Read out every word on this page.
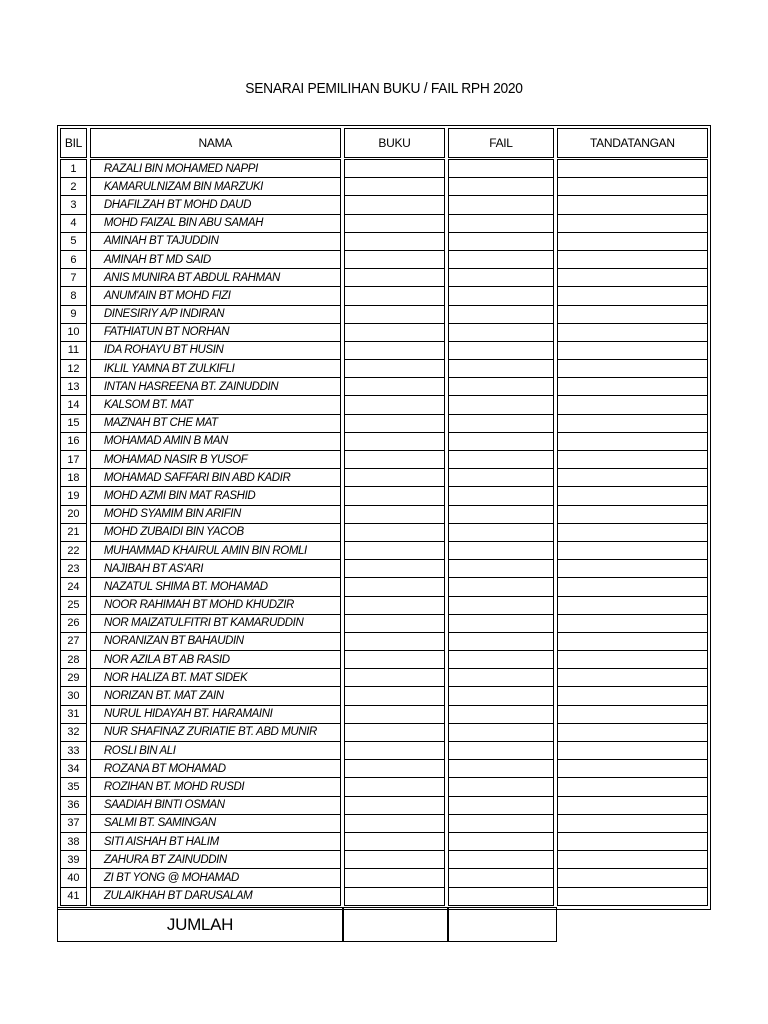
SENARAI PEMILIHAN BUKU / FAIL RPH 2020
BIL	NAMA	BUKU	FAIL	TANDATANGAN
1	RAZALI BIN MOHAMED NAPPI
2	KAMARULNIZAM BIN MARZUKI
3	DHAFILZAH BT MOHD DAUD
4	MOHD FAIZAL BIN ABU SAMAH
5	AMINAH BT TAJUDDIN
6	AMINAH BT MD SAID
7	ANIS MUNIRA BT ABDUL RAHMAN
8	ANUM'AIN BT MOHD FIZI
9	DINESIRIY A/P INDIRAN
10	FATHIATUN BT NORHAN
11	IDA ROHAYU BT HUSIN
12	IKLIL YAMNA BT ZULKIFLI
13	INTAN HASREENA BT. ZAINUDDIN
14	KALSOM BT. MAT
15	MAZNAH BT CHE MAT
16	MOHAMAD AMIN B MAN
17	MOHAMAD NASIR B YUSOF
18	MOHAMAD SAFFARI BIN ABD KADIR
19	MOHD AZMI BIN MAT RASHID
20	MOHD SYAMIM BIN ARIFIN
21	MOHD ZUBAIDI BIN YACOB
22	MUHAMMAD KHAIRUL AMIN BIN ROMLI
23	NAJIBAH BT AS'ARI
24	NAZATUL SHIMA BT. MOHAMAD
25	NOOR RAHIMAH BT MOHD KHUDZIR
26	NOR MAIZATULFITRI BT KAMARUDDIN
27	NORANIZAN BT BAHAUDIN
28	NOR AZILA BT AB RASID
29	NOR HALIZA BT. MAT SIDEK
30	NORIZAN BT. MAT ZAIN
31	NURUL HIDAYAH BT. HARAMAINI
32	NUR SHAFINAZ ZURIATIE BT. ABD MUNIR
33	ROSLI BIN ALI
34	ROZANA BT MOHAMAD
35	ROZIHAN BT. MOHD RUSDI
36	SAADIAH BINTI OSMAN
37	SALMI BT. SAMINGAN
38	SITI AISHAH BT HALIM
39	ZAHURA BT ZAINUDDIN
40	ZI BT YONG @ MOHAMAD
41	ZULAIKHAH BT DARUSALAM
JUMLAH
